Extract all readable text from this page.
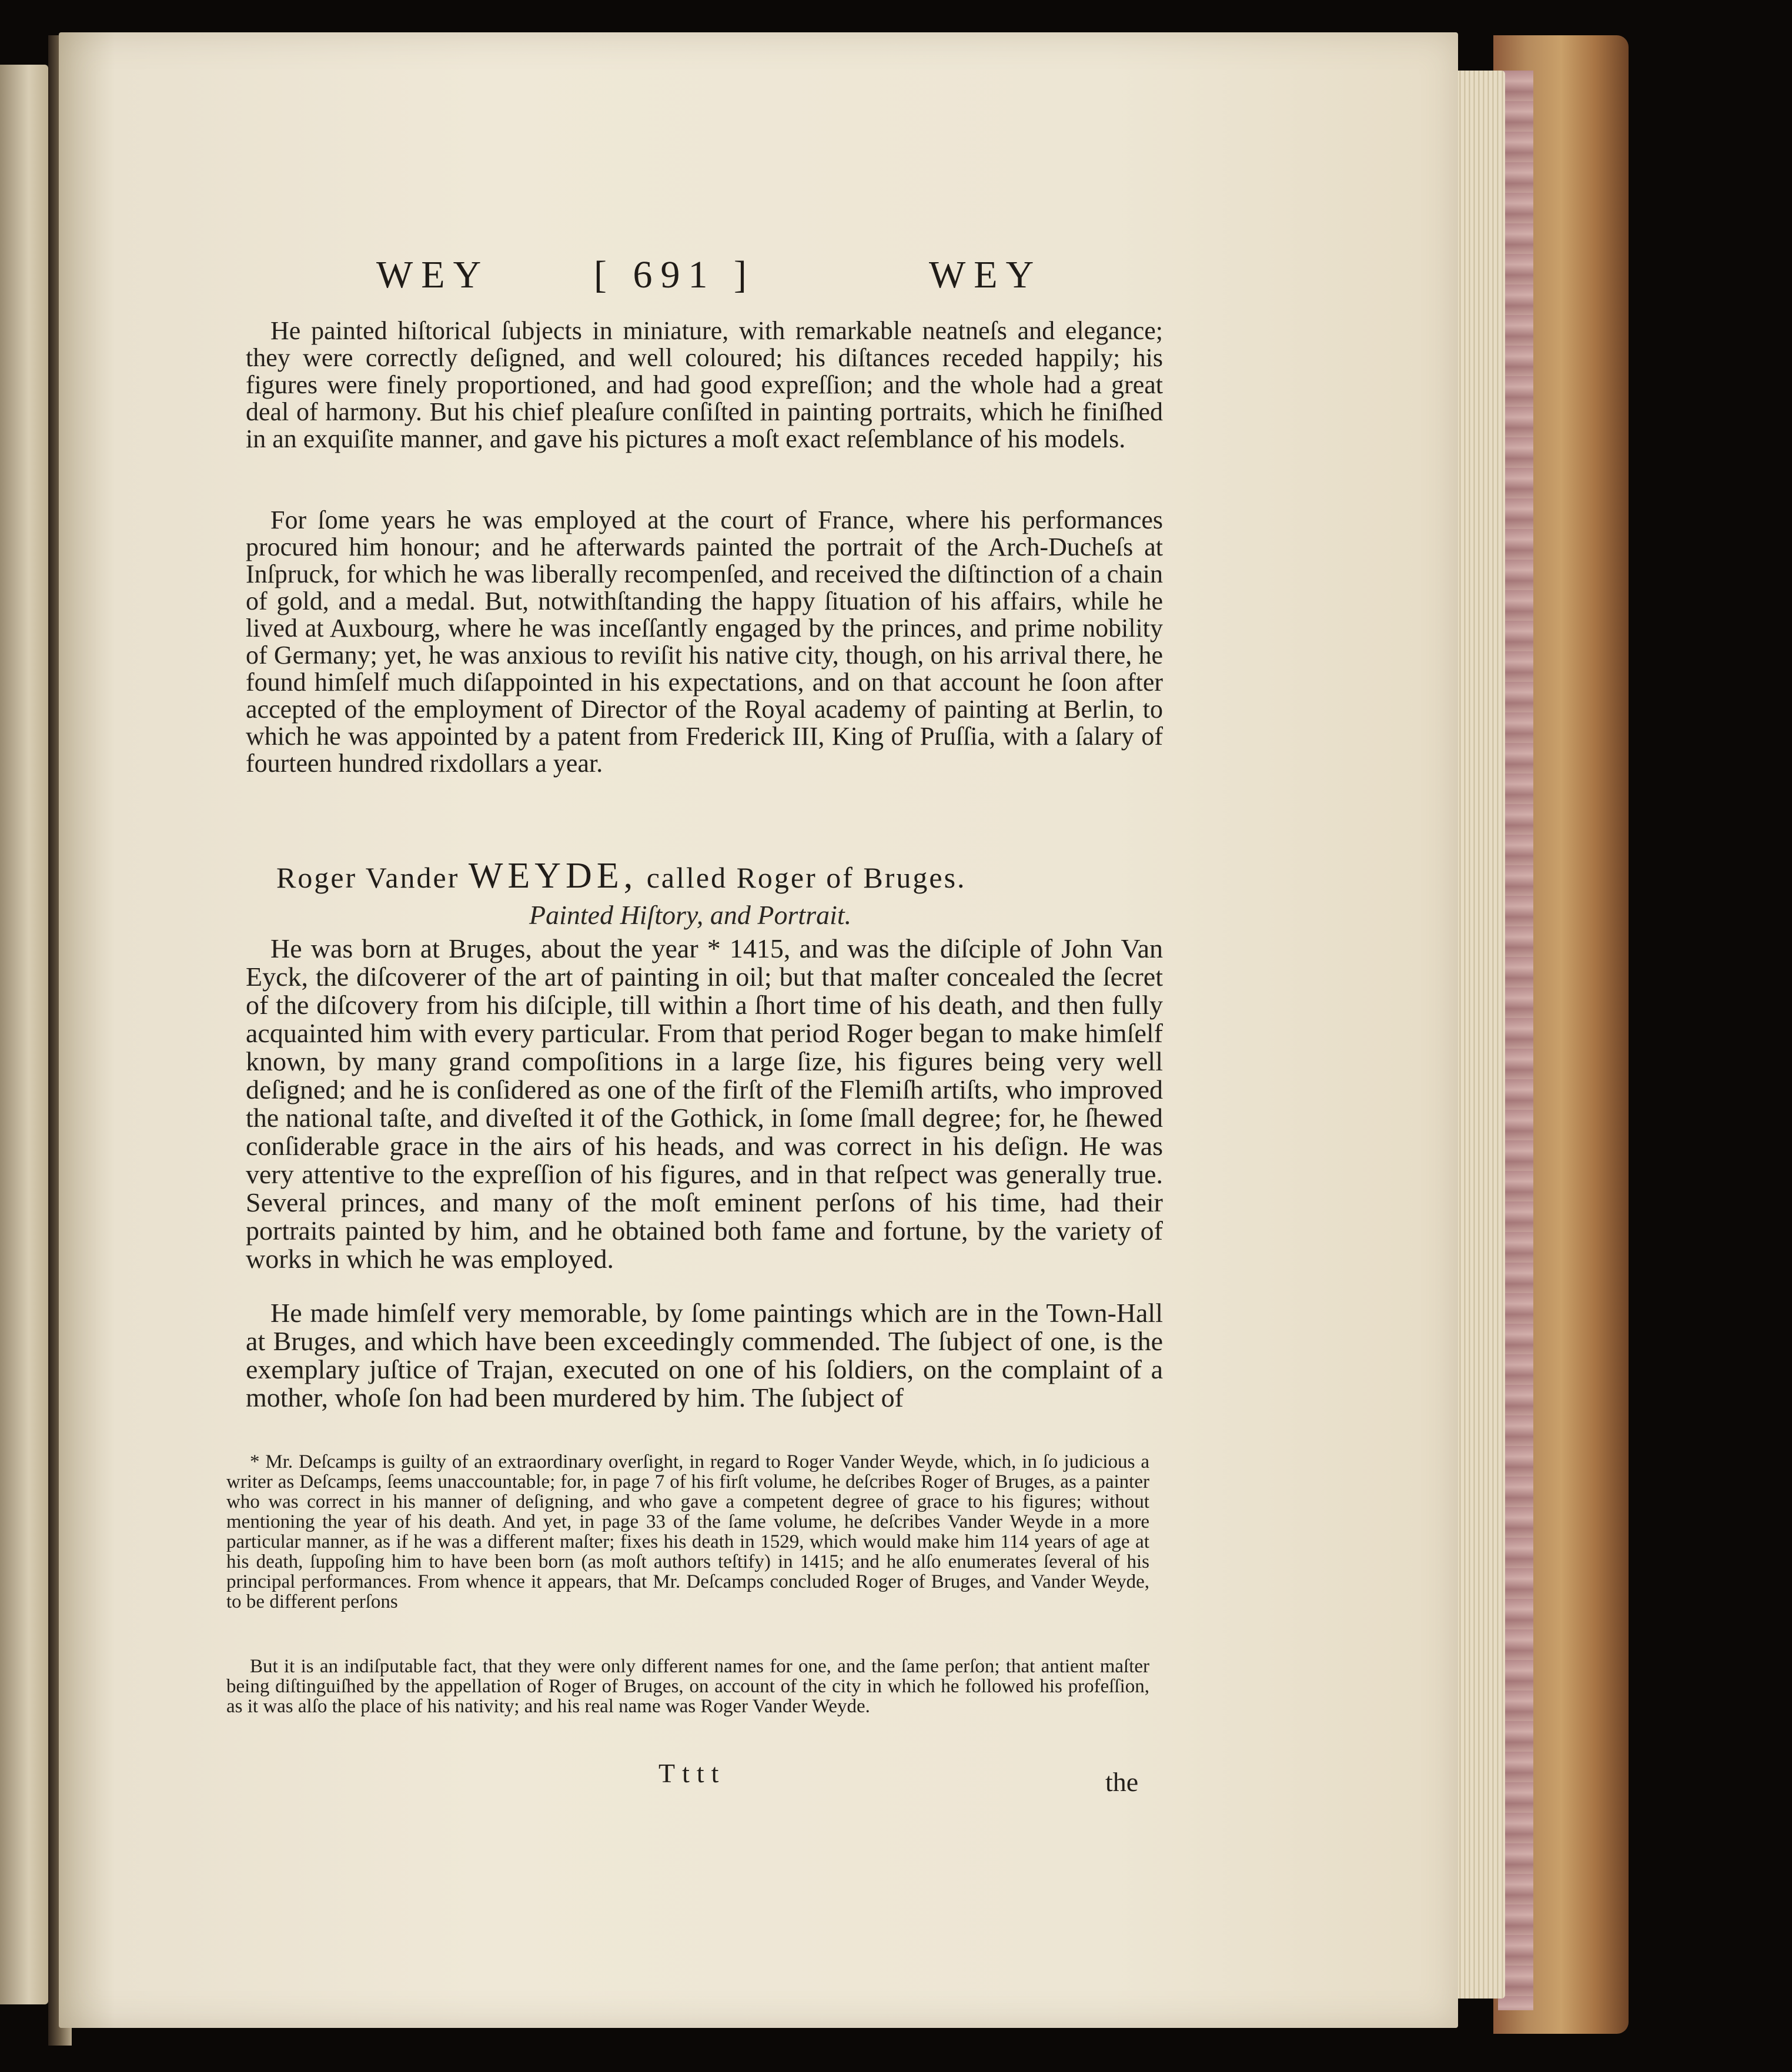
WEY	[ 691 ]	WEY

He painted hiſtorical ſubjects in miniature, with remarkable neatneſs and elegance; they were correctly deſigned, and well coloured; his diſtances receded happily; his figures were finely proportioned, and had good expreſſion; and the whole had a great deal of harmony. But his chief pleaſure conſiſted in painting portraits, which he finiſhed in an exquiſite manner, and gave his pictures a moſt exact reſemblance of his models.

For ſome years he was employed at the court of France, where his performances procured him honour; and he afterwards painted the portrait of the Arch-Ducheſs at Inſpruck, for which he was liberally recompenſed, and received the diſtinction of a chain of gold, and a medal. But, notwithſtanding the happy ſituation of his affairs, while he lived at Auxbourg, where he was inceſſantly engaged by the princes, and prime nobility of Germany; yet, he was anxious to reviſit his native city, though, on his arrival there, he found himſelf much diſappointed in his expectations, and on that account he ſoon after accepted of the employment of Director of the Royal academy of painting at Berlin, to which he was appointed by a patent from Frederick III, King of Pruſſia, with a ſalary of fourteen hundred rixdollars a year.

Roger Vander WEYDE, called Roger of Bruges.
Painted Hiſtory, and Portrait.

He was born at Bruges, about the year * 1415, and was the diſciple of John Van Eyck, the diſcoverer of the art of painting in oil; but that maſter concealed the ſecret of the diſcovery from his diſciple, till within a ſhort time of his death, and then fully acquainted him with every particular. From that period Roger began to make himſelf known, by many grand compoſitions in a large ſize, his figures being very well deſigned; and he is conſidered as one of the firſt of the Flemiſh artiſts, who improved the national taſte, and diveſted it of the Gothick, in ſome ſmall degree; for, he ſhewed conſiderable grace in the airs of his heads, and was correct in his deſign. He was very attentive to the expreſſion of his figures, and in that reſpect was generally true. Several princes, and many of the moſt eminent perſons of his time, had their portraits painted by him, and he obtained both fame and fortune, by the variety of works in which he was employed.

He made himſelf very memorable, by ſome paintings which are in the Town-Hall at Bruges, and which have been exceedingly commended. The ſubject of one, is the exemplary juſtice of Trajan, executed on one of his ſoldiers, on the complaint of a mother, whoſe ſon had been murdered by him. The ſubject of

* Mr. Deſcamps is guilty of an extraordinary overſight, in regard to Roger Vander Weyde, which, in ſo judicious a writer as Deſcamps, ſeems unaccountable; for, in page 7 of his firſt volume, he deſcribes Roger of Bruges, as a painter who was correct in his manner of deſigning, and who gave a competent degree of grace to his figures; without mentioning the year of his death. And yet, in page 33 of the ſame volume, he deſcribes Vander Weyde in a more particular manner, as if he was a different maſter; fixes his death in 1529, which would make him 114 years of age at his death, ſuppoſing him to have been born (as moſt authors teſtify) in 1415; and he alſo enumerates ſeveral of his principal performances. From whence it appears, that Mr. Deſcamps concluded Roger of Bruges, and Vander Weyde, to be different perſons

But it is an indiſputable fact, that they were only different names for one, and the ſame perſon; that antient maſter being diſtinguiſhed by the appellation of Roger of Bruges, on account of the city in which he followed his profeſſion, as it was alſo the place of his nativity; and his real name was Roger Vander Weyde.

Tttt	the
